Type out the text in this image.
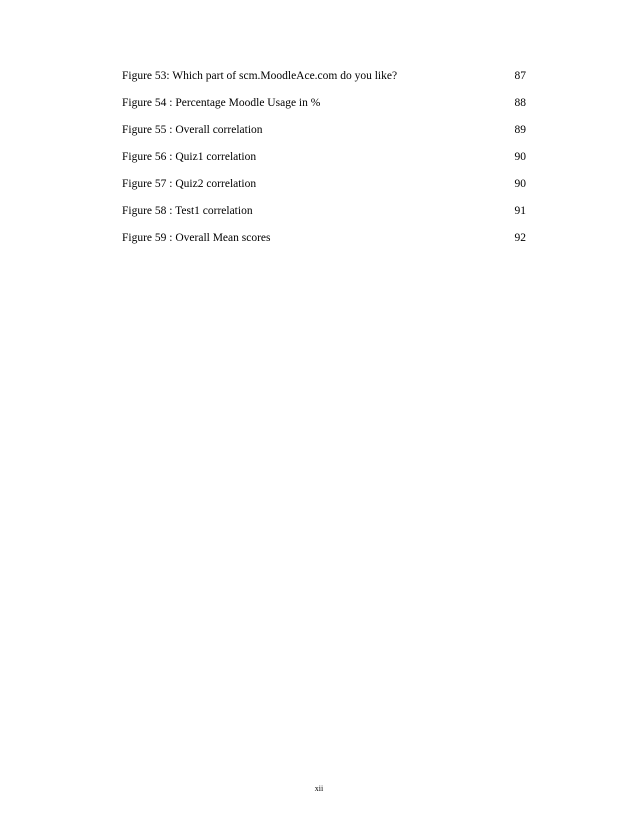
Figure 53: Which part of scm.MoodleAce.com do you like?	87
Figure 54 : Percentage Moodle Usage in %	88
Figure 55 : Overall correlation	89
Figure 56 : Quiz1 correlation	90
Figure 57 : Quiz2 correlation	90
Figure 58 : Test1 correlation	91
Figure 59 : Overall Mean scores	92
xii
